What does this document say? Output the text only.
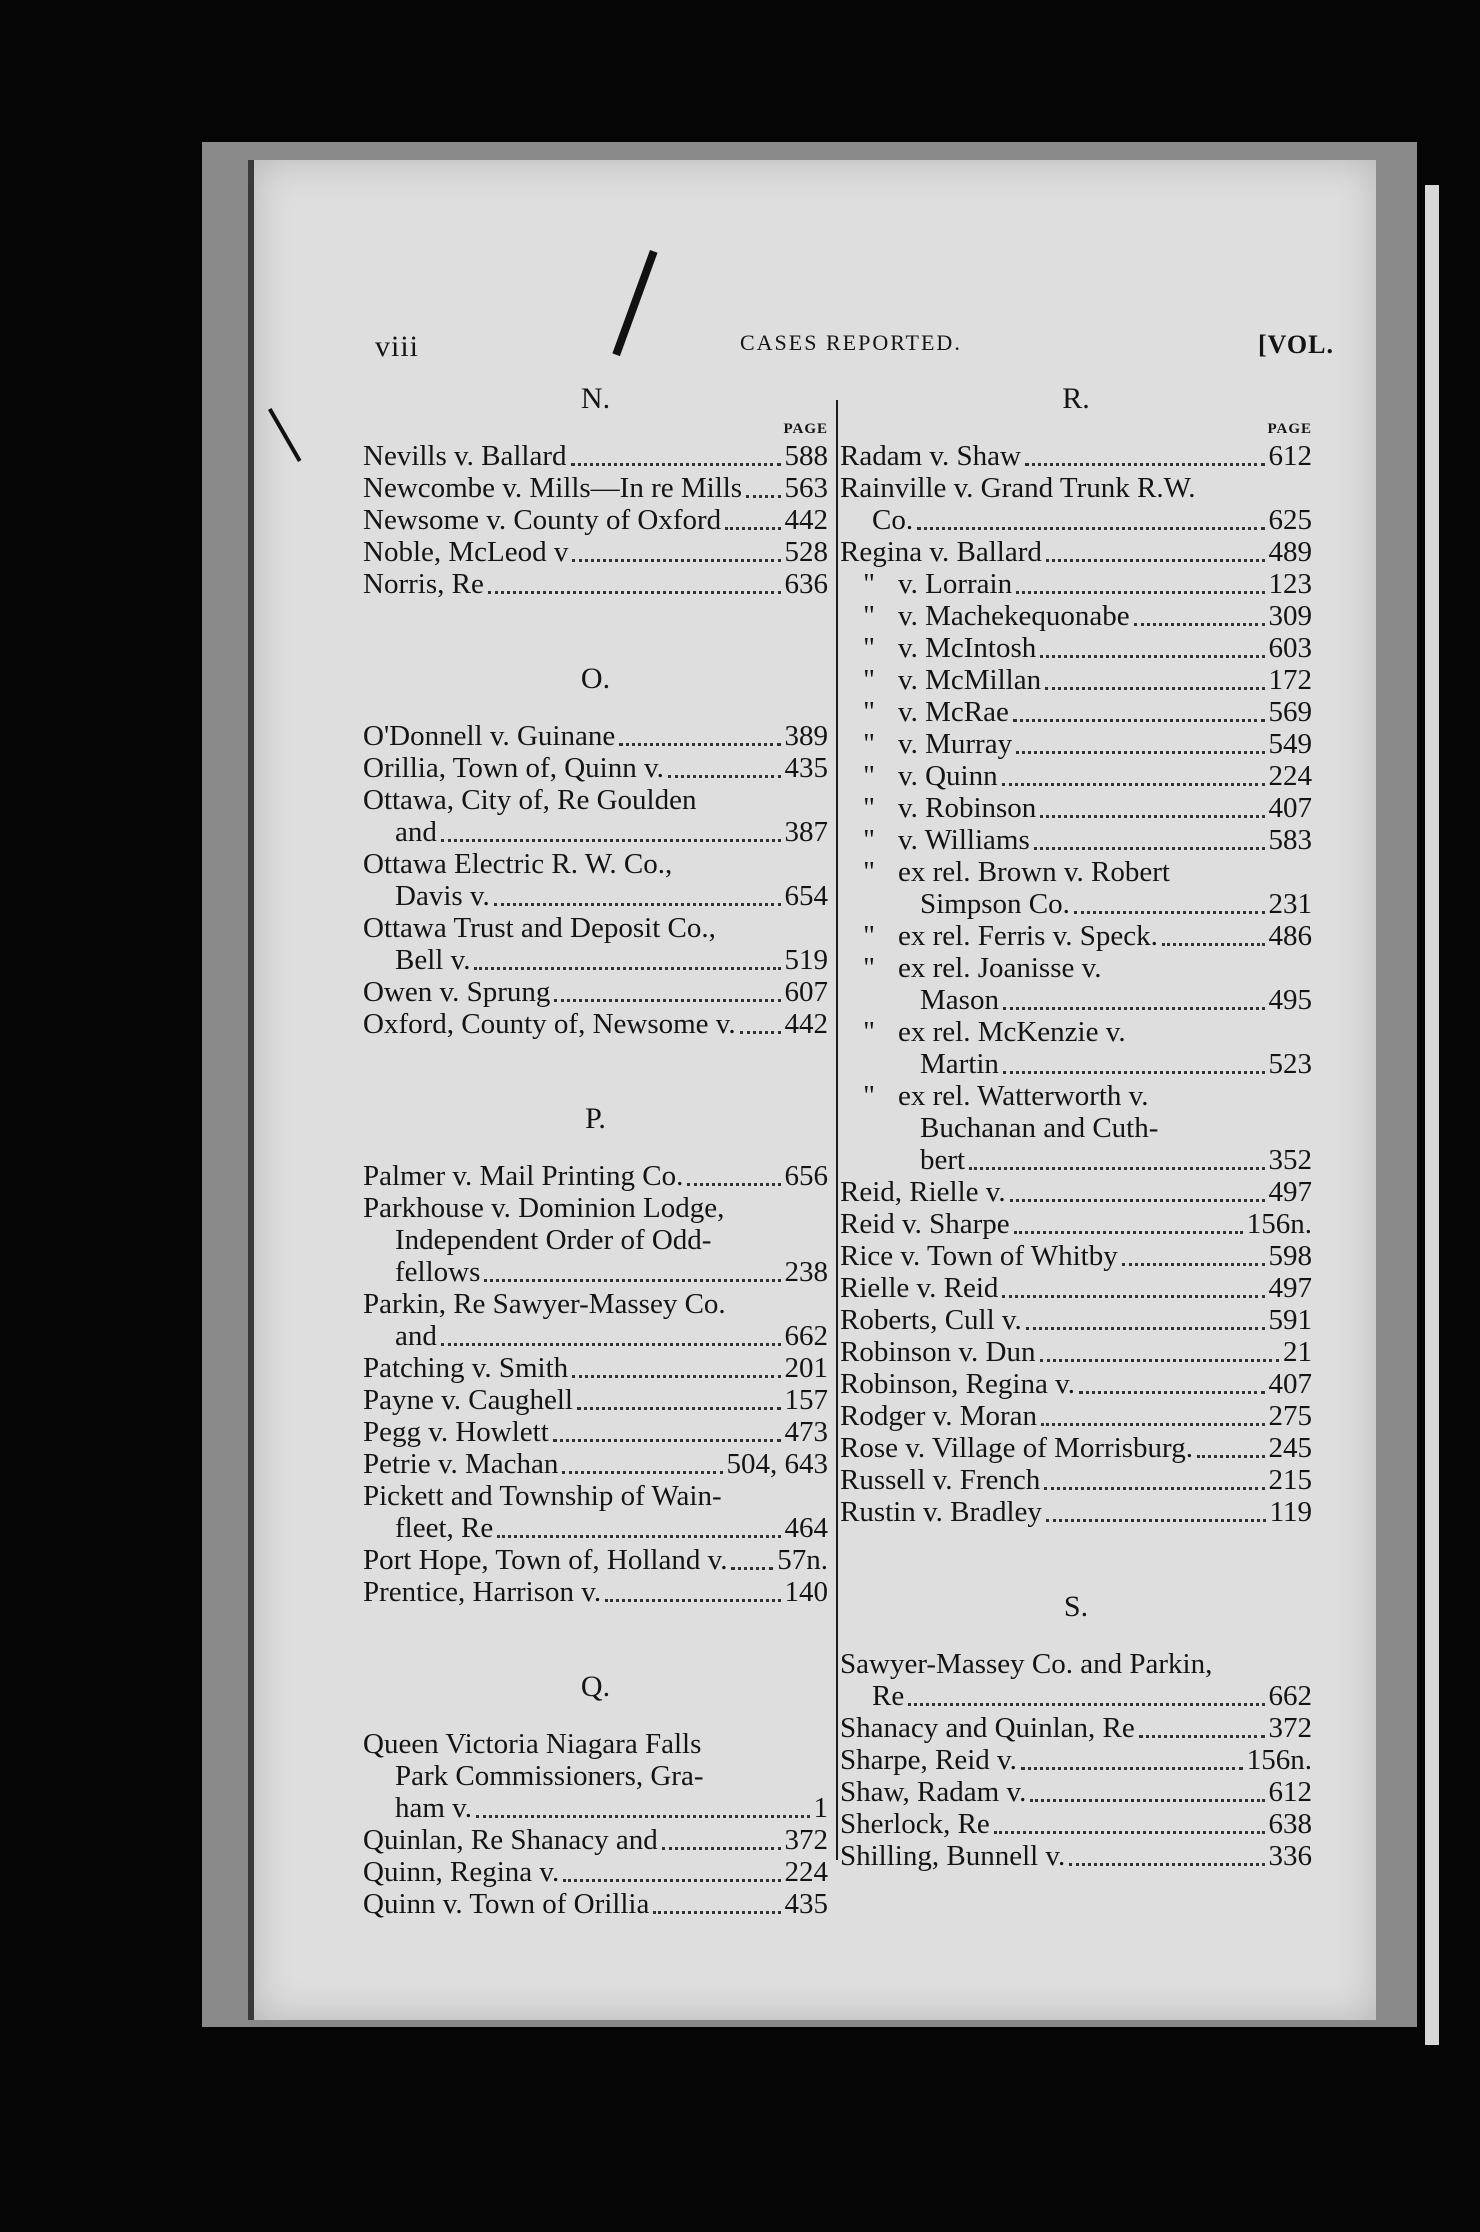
viii	CASES REPORTED.	[VOL.
N.
PAGE
Nevills v. Ballard	588
Newcombe v. Mills—In re Mills 563
Newsome v. County of Oxford 442
Noble, McLeod v	528
Norris, Re	636
O.
O'Donnell v. Guinane	389
Orillia, Town of, Quinn v.	435
Ottawa, City of, Re Goulden
and	387
Ottawa Electric R. W. Co.,
Davis v.	654
Ottawa Trust and Deposit Co.,
Bell v.	519
Owen v. Sprung	607
Oxford, County of, Newsome v. 442
P.
Palmer v. Mail Printing Co.	656
Parkhouse v. Dominion Lodge,
Independent Order of Odd-
fellows	238
Parkin, Re Sawyer-Massey Co.
and	662
Patching v. Smith	201
Payne v. Caughell	157
Pegg v. Howlett	473
Petrie v. Machan	504, 643
Pickett and Township of Wain-
fleet, Re	464
Port Hope, Town of, Holland v. 57n.
Prentice, Harrison v.	140
Q.
Queen Victoria Niagara Falls
Park Commissioners, Gra-
ham v.	1
Quinlan, Re Shanacy and	372
Quinn, Regina v.	224
Quinn v. Town of Orillia	435
R.
PAGE
Radam v. Shaw	612
Rainville v. Grand Trunk R.W.
Co.	625
Regina v. Ballard	489
" v. Lorrain	123
" v. Machekequonabe	309
" v. McIntosh	603
" v. McMillan	172
" v. McRae	569
" v. Murray	549
" v. Quinn	224
" v. Robinson	407
" v. Williams	583
" ex rel. Brown v. Robert
Simpson Co.	231
" ex rel. Ferris v. Speck.	486
" ex rel. Joanisse v.
Mason	495
" ex rel. McKenzie v.
Martin	523
" ex rel. Watterworth v.
Buchanan and Cuth-
bert	352
Reid, Rielle v.	497
Reid v. Sharpe	156n.
Rice v. Town of Whitby	598
Rielle v. Reid	497
Roberts, Cull v.	591
Robinson v. Dun	21
Robinson, Regina v.	407
Rodger v. Moran	275
Rose v. Village of Morrisburg.	245
Russell v. French	215
Rustin v. Bradley	119
S.
Sawyer-Massey Co. and Parkin,
Re	662
Shanacy and Quinlan, Re	372
Sharpe, Reid v.	156n.
Shaw, Radam v.	612
Sherlock, Re	638
Shilling, Bunnell v.	336
